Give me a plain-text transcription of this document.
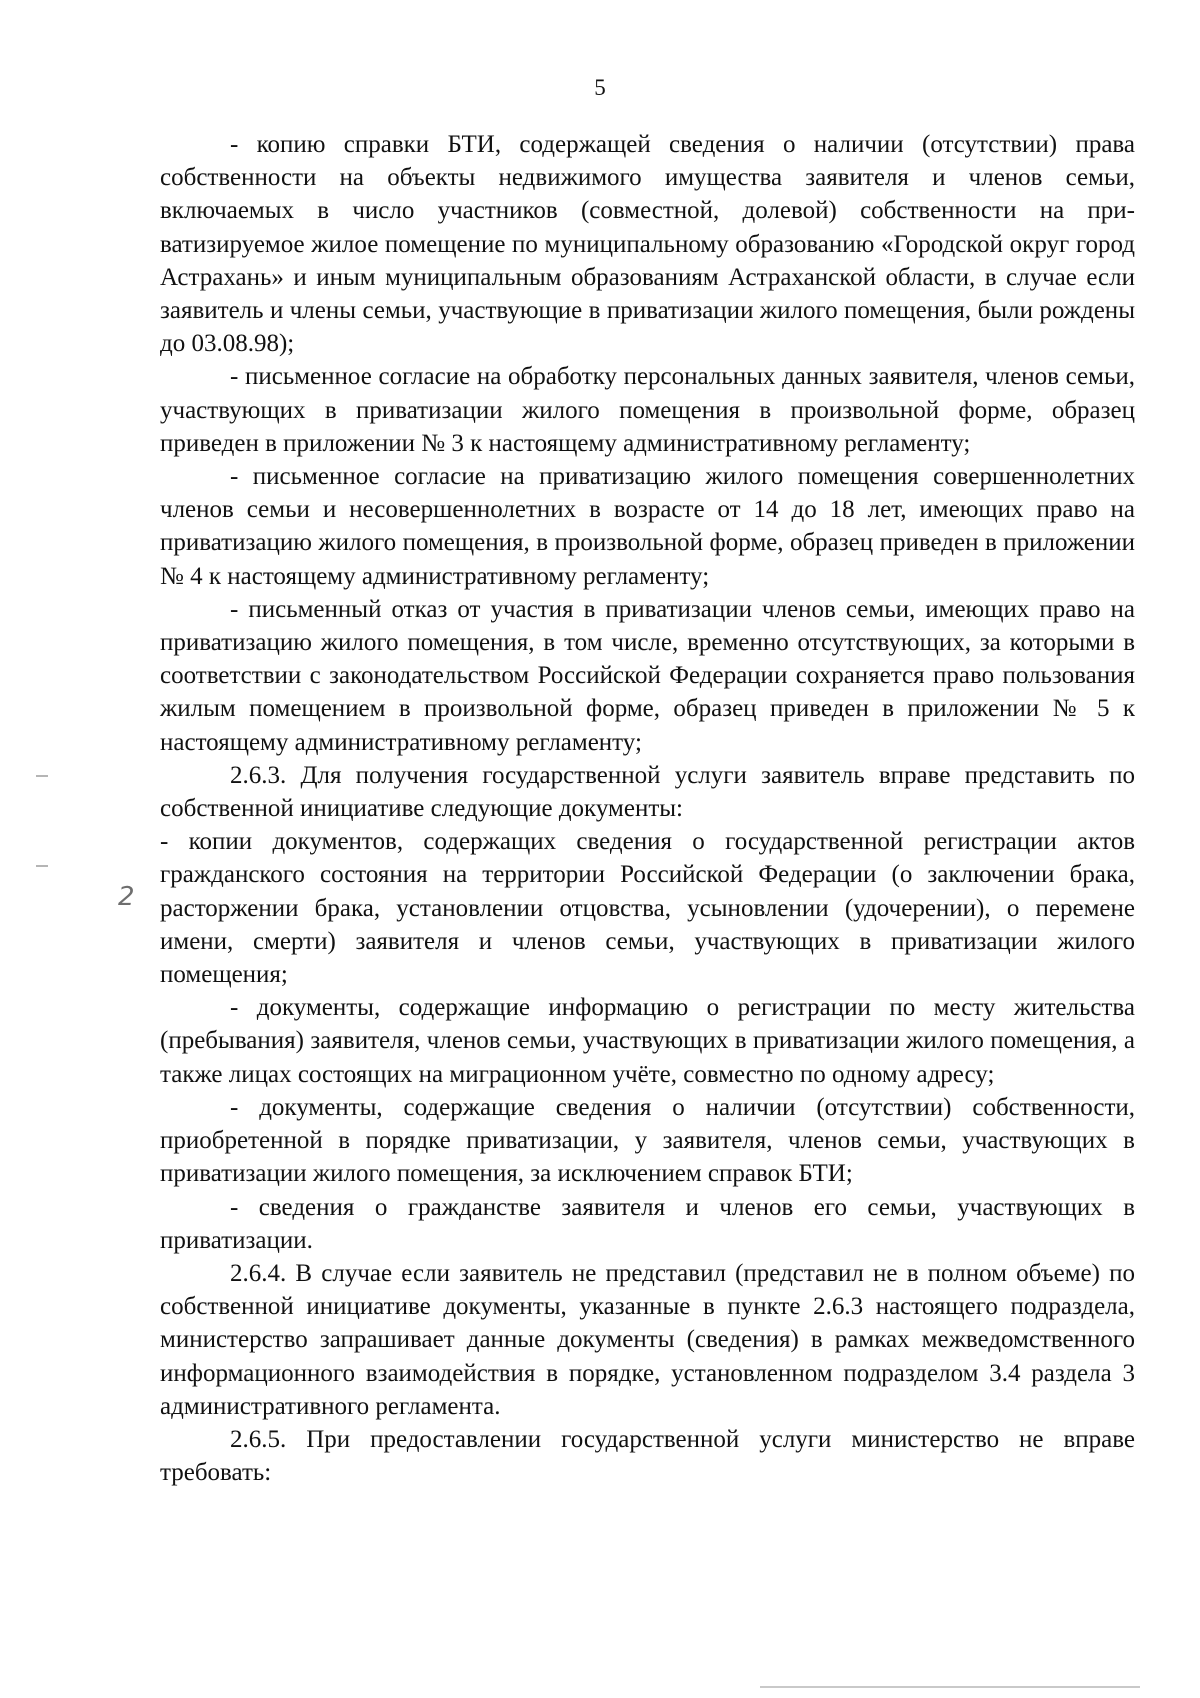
5
2

- копию справки БТИ, содержащей сведения о наличии (отсутствии) права собственности на объекты недвижимого имущества заявителя и членов семьи, включаемых в число участников (совместной, долевой) собственности на приватизируемое жилое помещение по муниципальному образованию «Городской округ город Астрахань» и иным муниципальным образованиям Астраханской области, в случае если заявитель и члены семьи, участвующие в приватизации жилого помещения, были рождены до 03.08.98);

- письменное согласие на обработку персональных данных заявителя, членов семьи, участвующих в приватизации жилого помещения в произвольной форме, образец приведен в приложении № 3 к настоящему административному регламенту;

- письменное согласие на приватизацию жилого помещения совершеннолетних членов семьи и несовершеннолетних в возрасте от 14 до 18 лет, имеющих право на приватизацию жилого помещения, в произвольной форме, образец приведен в приложении № 4 к настоящему административному регламенту;

- письменный отказ от участия в приватизации членов семьи, имеющих право на приватизацию жилого помещения, в том числе, временно отсутствующих, за которыми в соответствии с законодательством Российской Федерации сохраняется право пользования жилым помещением в произвольной форме, образец приведен в приложении № 5 к настоящему административному регламенту;

2.6.3. Для получения государственной услуги заявитель вправе представить по собственной инициативе следующие документы:

- копии документов, содержащих сведения о государственной регистрации актов гражданского состояния на территории Российской Федерации (о заключении брака, расторжении брака, установлении отцовства, усыновлении (удочерении), о перемене имени, смерти) заявителя и членов семьи, участвующих в приватизации жилого помещения;

- документы, содержащие информацию о регистрации по месту жительства (пребывания) заявителя, членов семьи, участвующих в приватизации жилого помещения, а также лицах состоящих на миграционном учёте, совместно по одному адресу;

- документы, содержащие сведения о наличии (отсутствии) собственности, приобретенной в порядке приватизации, у заявителя, членов семьи, участвующих в приватизации жилого помещения, за исключением справок БТИ;

- сведения о гражданстве заявителя и членов его семьи, участвующих в приватизации.

2.6.4. В случае если заявитель не представил (представил не в полном объеме) по собственной инициативе документы, указанные в пункте 2.6.3 настоящего подраздела, министерство запрашивает данные документы (сведения) в рамках межведомственного информационного взаимодействия в порядке, установленном подразделом 3.4 раздела 3 административного регламента.

2.6.5. При предоставлении государственной услуги министерство не вправе требовать:
